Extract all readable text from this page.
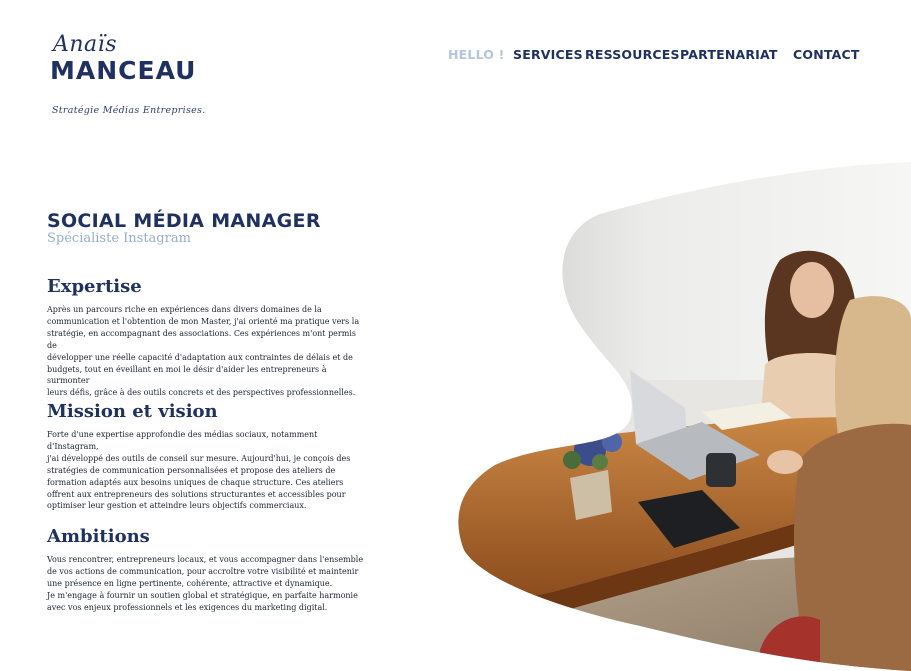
Anaïs
MANCEAU
Stratégie Médias Entreprises.
HELLO ! SERVICES RESSOURCES PARTENARIAT CONTACT
SOCIAL MÉDIA MANAGER
Spécialiste Instagram
Expertise

Après un parcours riche en expériences dans divers domaines de la
communication et l'obtention de mon Master, j'ai orienté ma pratique vers la
stratégie, en accompagnant des associations. Ces expériences m'ont permis de
développer une réelle capacité d'adaptation aux contraintes de délais et de
budgets, tout en éveillant en moi le désir d'aider les entrepreneurs à surmonter
leurs défis, grâce à des outils concrets et des perspectives professionnelles.

Mission et vision

Forte d'une expertise approfondie des médias sociaux, notamment d'Instagram,
j'ai développé des outils de conseil sur mesure. Aujourd'hui, je conçois des
stratégies de communication personnalisées et propose des ateliers de
formation adaptés aux besoins uniques de chaque structure. Ces ateliers
offrent aux entrepreneurs des solutions structurantes et accessibles pour
optimiser leur gestion et atteindre leurs objectifs commerciaux.

Ambitions

Vous rencontrer, entrepreneurs locaux, et vous accompagner dans l'ensemble
de vos actions de communication, pour accroître votre visibilité et maintenir
une présence en ligne pertinente, cohérente, attractive et dynamique.
Je m'engage à fournir un soutien global et stratégique, en parfaite harmonie
avec vos enjeux professionnels et les exigences du marketing digital.
